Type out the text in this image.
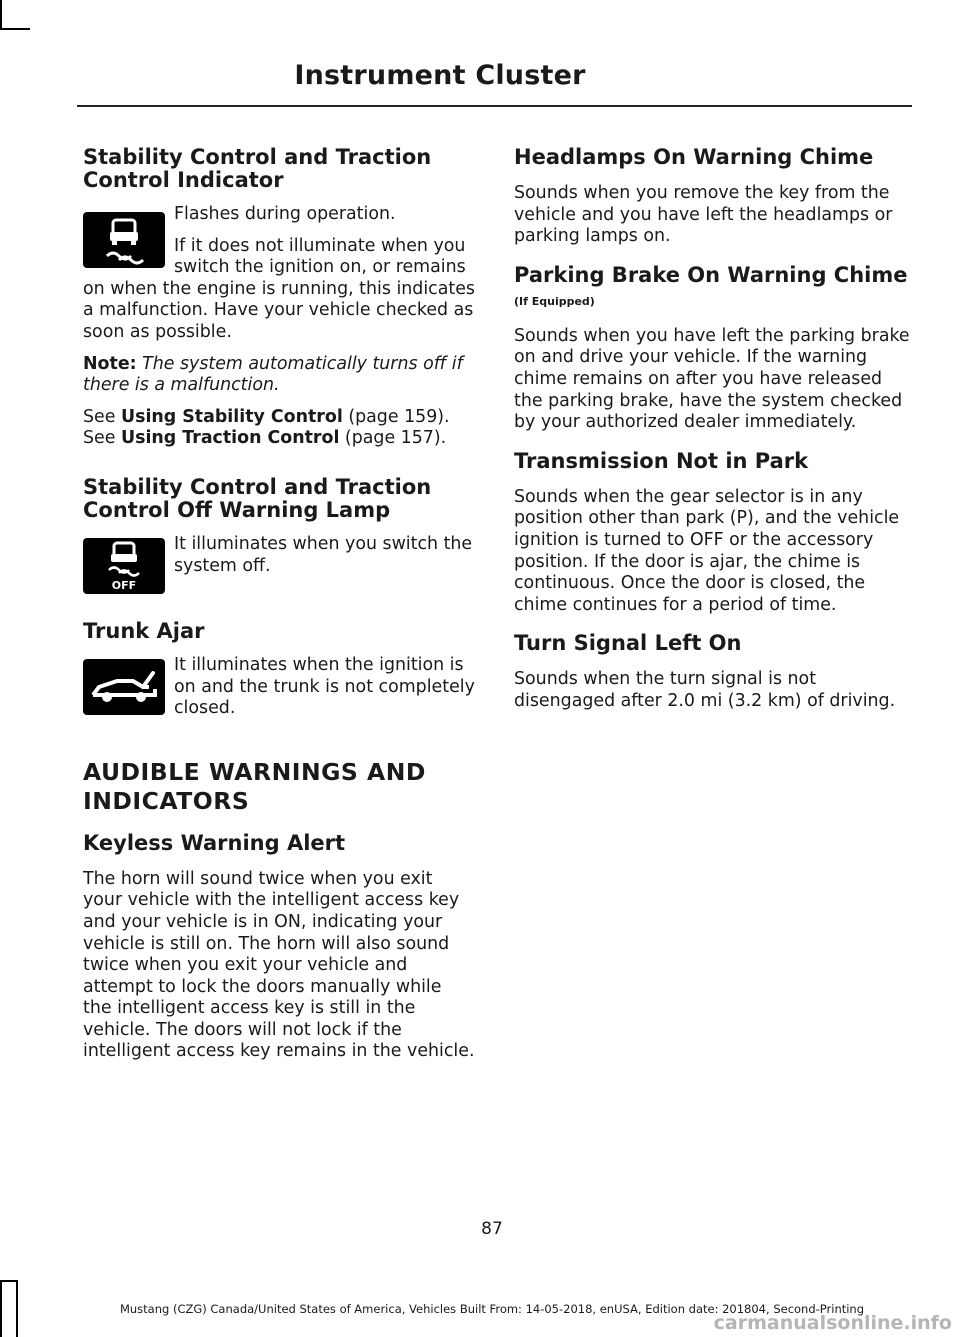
Instrument Cluster
Stability Control and Traction Control Indicator

Flashes during operation.

If it does not illuminate when you switch the ignition on, or remains on when the engine is running, this indicates a malfunction. Have your vehicle checked as soon as possible.

Note: The system automatically turns off if there is a malfunction.

See Using Stability Control (page 159).
See Using Traction Control (page 157).

Stability Control and Traction Control Off Warning Lamp
OFF

It illuminates when you switch the system off.

Trunk Ajar

It illuminates when the ignition is on and the trunk is not completely closed.

AUDIBLE WARNINGS AND
INDICATORS
Keyless Warning Alert

The horn will sound twice when you exit your vehicle with the intelligent access key and your vehicle is in ON, indicating your vehicle is still on. The horn will also sound twice when you exit your vehicle and attempt to lock the doors manually while the intelligent access key is still in the vehicle. The doors will not lock if the intelligent access key remains in the vehicle.

Headlamps On Warning Chime

Sounds when you remove the key from the vehicle and you have left the headlamps or parking lamps on.

Parking Brake On Warning Chime
(If Equipped)

Sounds when you have left the parking brake on and drive your vehicle. If the warning chime remains on after you have released the parking brake, have the system checked by your authorized dealer immediately.

Transmission Not in Park

Sounds when the gear selector is in any position other than park (P), and the vehicle ignition is turned to OFF or the accessory position. If the door is ajar, the chime is continuous. Once the door is closed, the chime continues for a period of time.

Turn Signal Left On

Sounds when the turn signal is not disengaged after 2.0 mi (3.2 km) of driving.

87
Mustang (CZG) Canada/United States of America, Vehicles Built From: 14-05-2018, enUSA, Edition date: 201804, Second-Printing
carmanualsonline.info
